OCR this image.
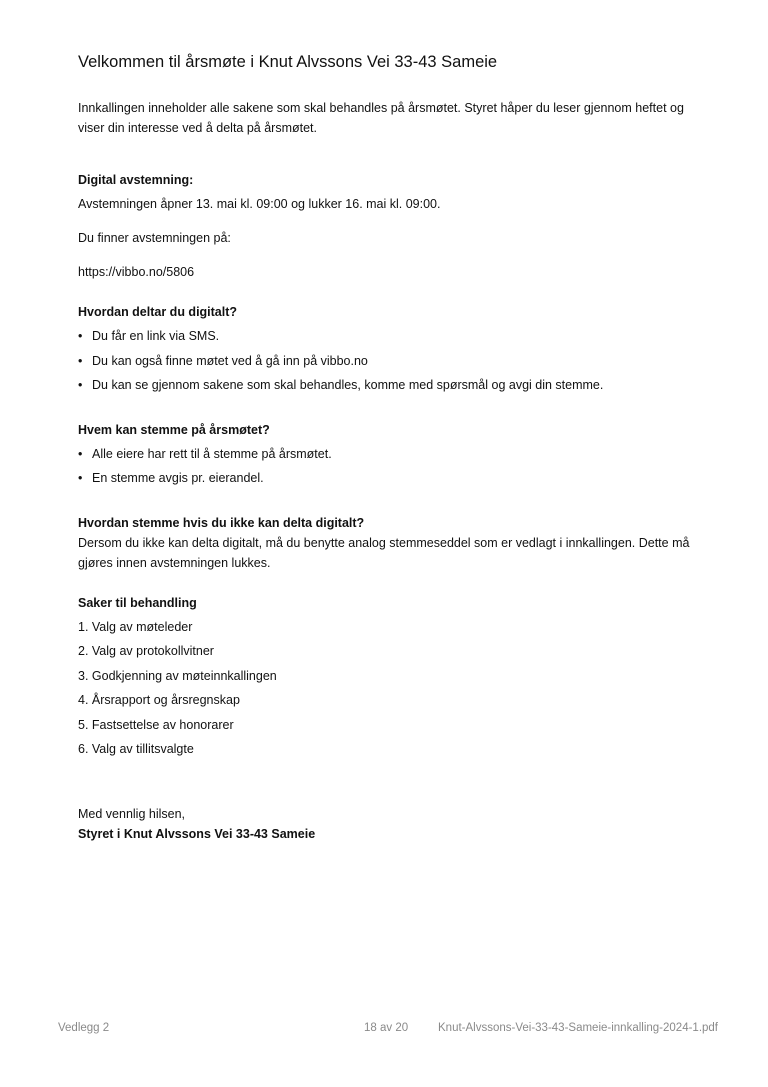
Velkommen til årsmøte i Knut Alvssons Vei 33-43 Sameie

Innkallingen inneholder alle sakene som skal behandles på årsmøtet. Styret håper du leser gjennom heftet og viser din interesse ved å delta på årsmøtet.

Digital avstemning:

Avstemningen åpner 13. mai kl. 09:00 og lukker 16. mai kl. 09:00.

Du finner avstemningen på:

https://vibbo.no/5806

Hvordan deltar du digitalt?

• Du får en link via SMS.
• Du kan også finne møtet ved å gå inn på vibbo.no
• Du kan se gjennom sakene som skal behandles, komme med spørsmål og avgi din stemme.

Hvem kan stemme på årsmøtet?

• Alle eiere har rett til å stemme på årsmøtet.
• En stemme avgis pr. eierandel.

Hvordan stemme hvis du ikke kan delta digitalt?

Dersom du ikke kan delta digitalt, må du benytte analog stemmeseddel som er vedlagt i innkallingen. Dette må gjøres innen avstemningen lukkes.

Saker til behandling

1. Valg av møteleder
2. Valg av protokollvitner
3. Godkjenning av møteinnkallingen
4. Årsrapport og årsregnskap
5. Fastsettelse av honorarer
6. Valg av tillitsvalgte

Med vennlig hilsen,

Styret i Knut Alvssons Vei 33-43 Sameie

Vedlegg 2	18 av 20	Knut-Alvssons-Vei-33-43-Sameie-innkalling-2024-1.pdf
